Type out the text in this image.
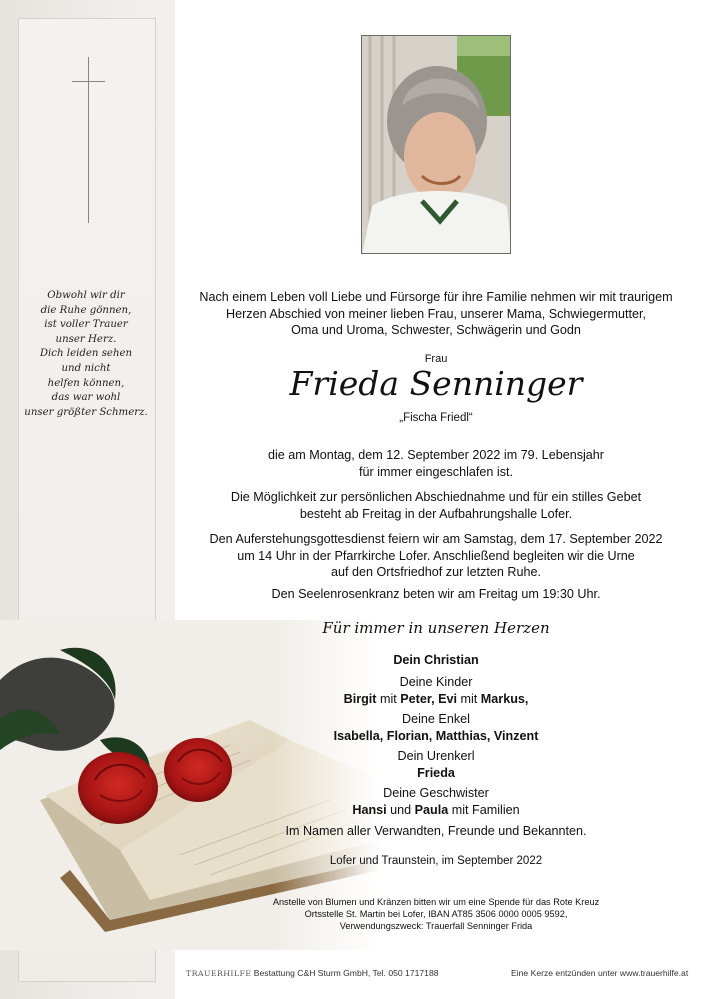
Obwohl wir dir
die Ruhe gönnen,
ist voller Trauer
unser Herz.
Dich leiden sehen
und nicht
helfen können,
das war wohl
unser größter Schmerz.
Nach einem Leben voll Liebe und Fürsorge für ihre Familie nehmen wir mit traurigem
Herzen Abschied von meiner lieben Frau, unserer Mama, Schwiegermutter,
Oma und Uroma, Schwester, Schwägerin und Godn
Frau
Frieda Senninger
„Fischa Friedl“
die am Montag, dem 12. September 2022 im 79. Lebensjahr
für immer eingeschlafen ist.
Die Möglichkeit zur persönlichen Abschiednahme und für ein stilles Gebet
besteht ab Freitag in der Aufbahrungshalle Lofer.
Den Auferstehungsgottesdienst feiern wir am Samstag, dem 17. September 2022
um 14 Uhr in der Pfarrkirche Lofer. Anschließend begleiten wir die Urne
auf den Ortsfriedhof zur letzten Ruhe.
Den Seelenrosenkranz beten wir am Freitag um 19:30 Uhr.
Für immer in unseren Herzen
Dein Christian
Deine Kinder
Birgit mit Peter, Evi mit Markus,
Deine Enkel
Isabella, Florian, Matthias, Vinzent
Dein Urenkerl
Frieda
Deine Geschwister
Hansi und Paula mit Familien
Im Namen aller Verwandten, Freunde und Bekannten.
Lofer und Traunstein, im September 2022
Anstelle von Blumen und Kränzen bitten wir um eine Spende für das Rote Kreuz
Ortsstelle St. Martin bei Lofer, IBAN AT85 3506 0000 0005 9592,
Verwendungszweck: Trauerfall Senninger Frida
TRAUERHILFE Bestattung C&H Sturm GmbH, Tel. 050 1717188	Eine Kerze entzünden unter www.trauerhilfe.at
